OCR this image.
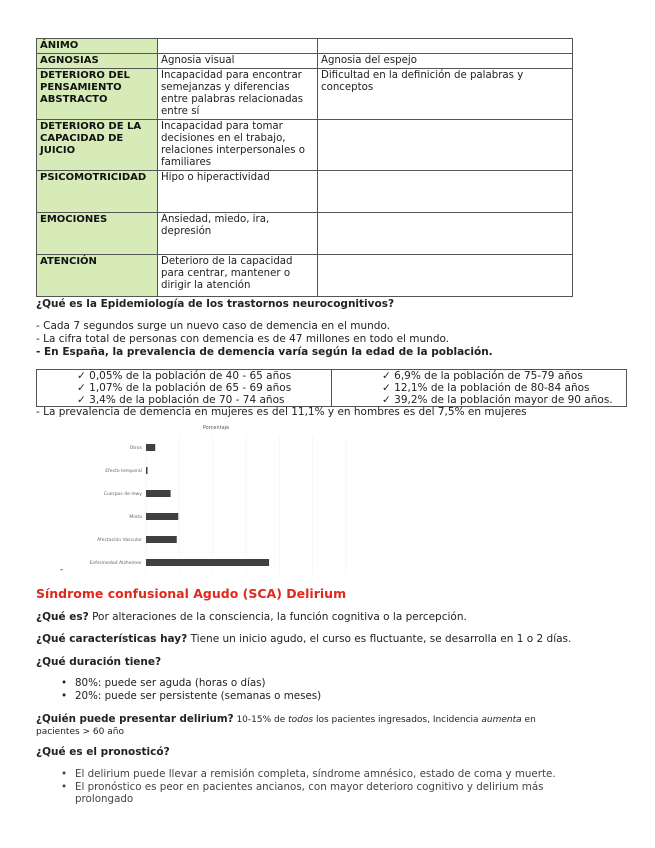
ÁNIMO		
AGNOSIAS	Agnosia visual	Agnosia del espejo
DETERIORO DEL PENSAMIENTO ABSTRACTO	Incapacidad para encontrar semejanzas y diferencias entre palabras relacionadas entre sí	Dificultad en la definición de palabras y conceptos
DETERIORO DE LA CAPACIDAD DE JUICIO	Incapacidad para tomar decisiones en el trabajo, relaciones interpersonales o familiares	
PSICOMOTRICIDAD	Hipo o hiperactividad	
EMOCIONES	Ansiedad, miedo, ira, depresión	
ATENCIÓN	Deterioro de la capacidad para centrar, mantener o dirigir la atención	
¿Qué es la Epidemiología de los trastornos neurocognitivos?
- Cada 7 segundos surge un nuevo caso de demencia en el mundo.
- La cifra total de personas con demencia es de 47 millones en todo el mundo.
- En España, la prevalencia de demencia varía según la edad de la población.
✓ 0,05% de la población de 40 - 65 años
✓ 1,07% de la población de 65 - 69 años
✓ 3,4% de la población de 70 - 74 años

✓ 6,9% de la población de 75-79 años
✓ 12,1% de la población de 80-84 años
✓ 39,2% de la población mayor de 90 años.
- La prevalencia de demencia en mujeres es del 11,1% y en hombres es del 7,5% en mujeres
Porcentaje
Otros
Efecto temporal
Cuerpos de lewy
Mixta
Afectación Vascular
Enfermedad Alzheimer
·	·	·	·	·	·	·
-
Síndrome confusional Agudo (SCA) Delirium
¿Qué es? Por alteraciones de la consciencia, la función cognitiva o la percepción.
¿Qué características hay? Tiene un inicio agudo, el curso es fluctuante, se desarrolla en 1 o 2 días.
¿Qué duración tiene?
• 80%: puede ser aguda (horas o días)
• 20%: puede ser persistente (semanas o meses)
¿Quién puede presentar delirium? 10-15% de todos los pacientes ingresados, Incidencia aumenta en
pacientes > 60 año
¿Qué es el pronosticó?
• El delirium puede llevar a remisión completa, síndrome amnésico, estado de coma y muerte.
• El pronóstico es peor en pacientes ancianos, con mayor deterioro cognitivo y delirium más
prolongado
